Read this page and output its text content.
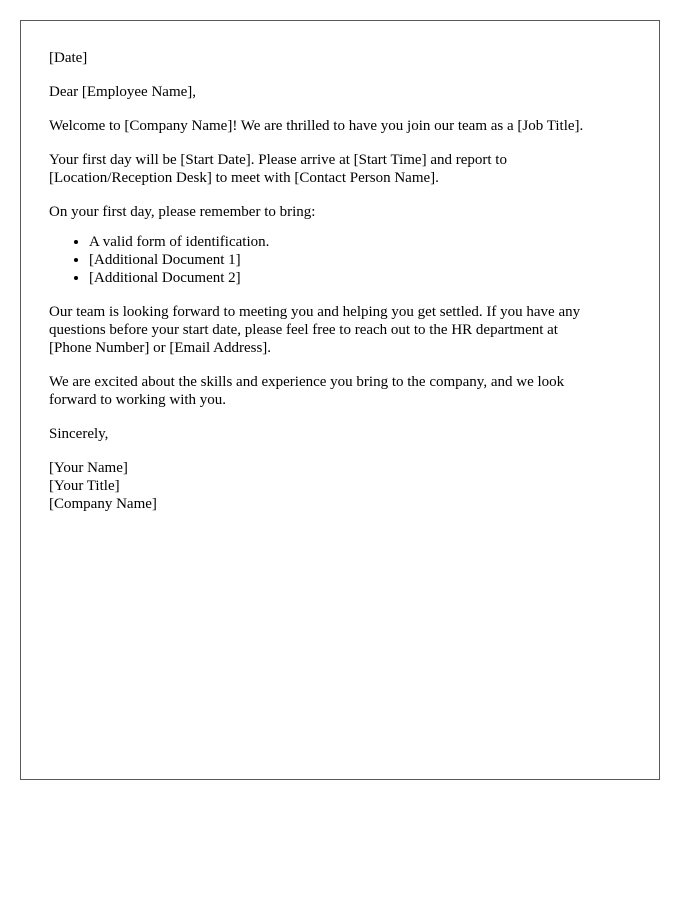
[Date]

Dear [Employee Name],

Welcome to [Company Name]! We are thrilled to have you join our team as a [Job Title].

Your first day will be [Start Date]. Please arrive at [Start Time] and report to
[Location/Reception Desk] to meet with [Contact Person Name].

On your first day, please remember to bring:

• A valid form of identification.
• [Additional Document 1]
• [Additional Document 2]

Our team is looking forward to meeting you and helping you get settled. If you have any
questions before your start date, please feel free to reach out to the HR department at
[Phone Number] or [Email Address].

We are excited about the skills and experience you bring to the company, and we look
forward to working with you.

Sincerely,

[Your Name]
[Your Title]
[Company Name]
